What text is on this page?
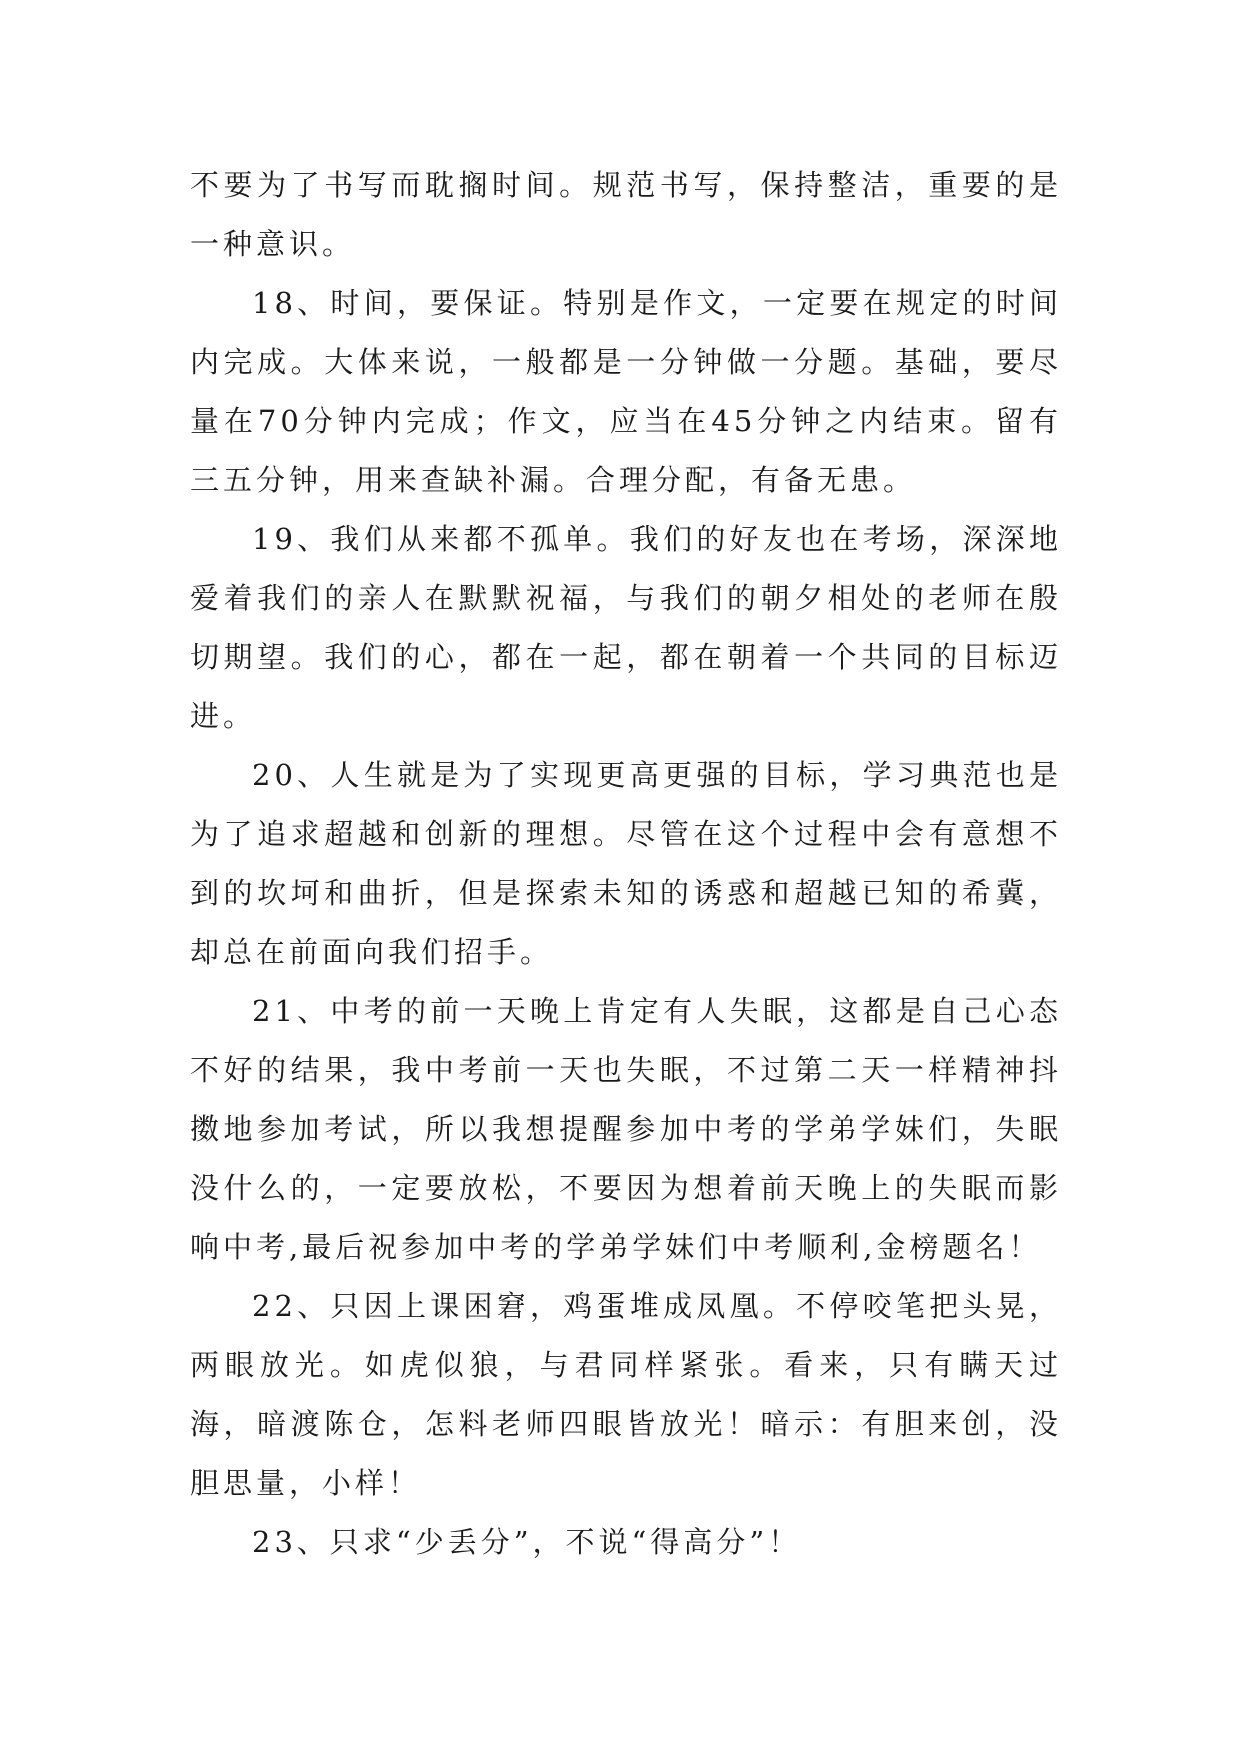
不要为了书写而耽搁时间。规范书写，保持整洁，重要的是一种意识。

18、时间，要保证。特别是作文，一定要在规定的时间内完成。大体来说，一般都是一分钟做一分题。基础，要尽量在70分钟内完成；作文，应当在45分钟之内结束。留有三五分钟，用来查缺补漏。合理分配，有备无患。

19、我们从来都不孤单。我们的好友也在考场，深深地爱着我们的亲人在默默祝福，与我们的朝夕相处的老师在殷切期望。我们的心，都在一起，都在朝着一个共同的目标迈进。

20、人生就是为了实现更高更强的目标，学习典范也是为了追求超越和创新的理想。尽管在这个过程中会有意想不到的坎坷和曲折，但是探索未知的诱惑和超越已知的希冀，却总在前面向我们招手。

21、中考的前一天晚上肯定有人失眠，这都是自己心态不好的结果，我中考前一天也失眠，不过第二天一样精神抖擞地参加考试，所以我想提醒参加中考的学弟学妹们，失眠没什么的，一定要放松，不要因为想着前天晚上的失眠而影响中考,最后祝参加中考的学弟学妹们中考顺利,金榜题名！

22、只因上课困窘，鸡蛋堆成凤凰。不停咬笔把头晃，两眼放光。如虎似狼，与君同样紧张。看来，只有瞒天过海，暗渡陈仓，怎料老师四眼皆放光！暗示：有胆来创，没胆思量，小样！

23、只求“少丢分”，不说“得高分”！
